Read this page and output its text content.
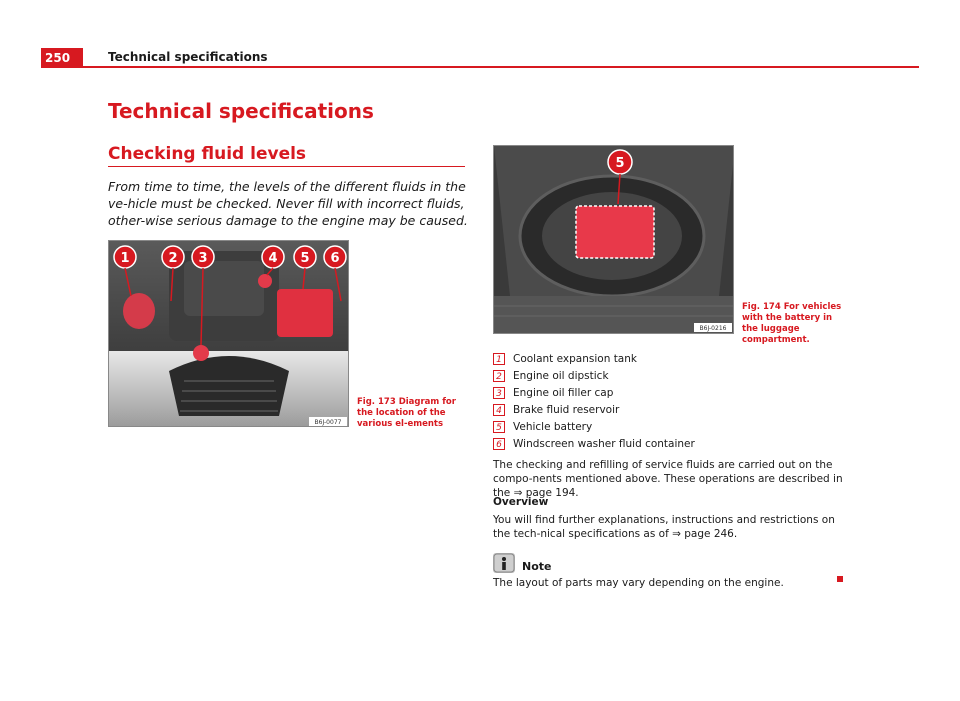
250	Technical specifications
Technical specifications
Checking fluid levels
From time to time, the levels of the different fluids in the ve-hicle must be checked. Never fill with incorrect fluids, other-wise serious damage to the engine may be caused.
1	2 3	4 5 6
B6J-0077
Fig. 173 Diagram for the location of the various el-ements
5
B6J-0216
Fig. 174 For vehicles with the battery in the luggage compartment.
1 Coolant expansion tank
2 Engine oil dipstick
3 Engine oil filler cap
4 Brake fluid reservoir
5 Vehicle battery
6 Windscreen washer fluid container
The checking and refilling of service fluids are carried out on the compo-nents mentioned above. These operations are described in the ⇒ page 194.
Overview
You will find further explanations, instructions and restrictions on the tech-nical specifications as of ⇒ page 246.
Note
The layout of parts may vary depending on the engine.
